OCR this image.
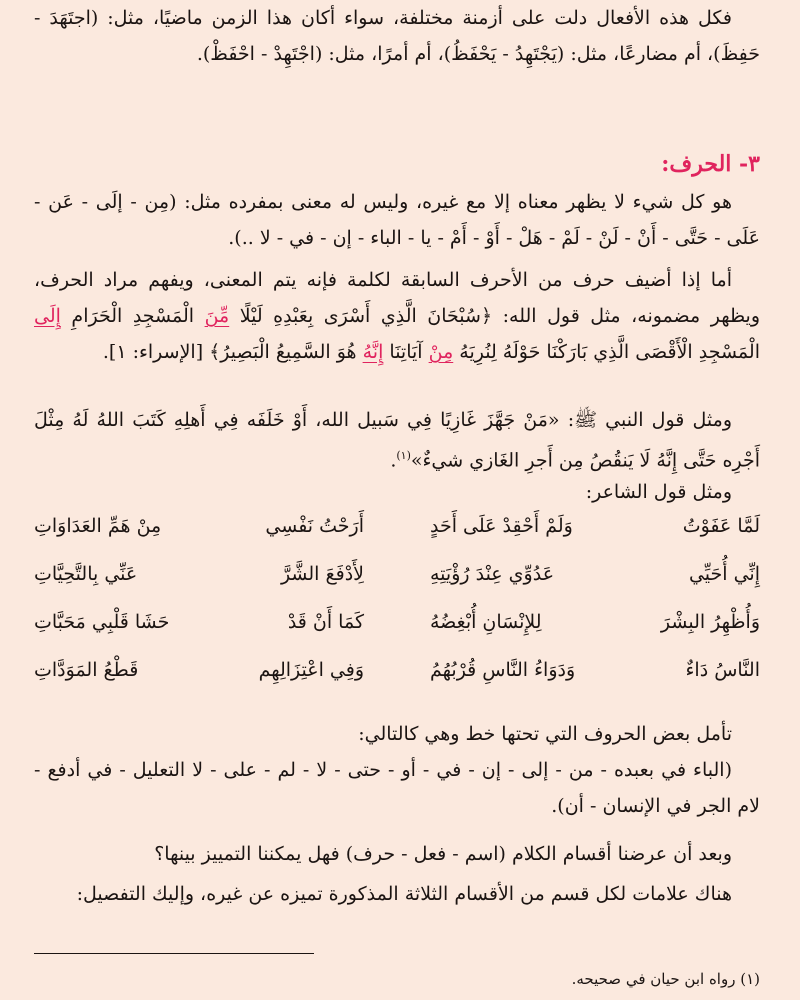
فكل هذه الأفعال دلت على أزمنة مختلفة، سواء أكان هذا الزمن ماضيًا، مثل: (اجتَهَدَ - حَفِظَ)، أم مضارعًا، مثل: (يَجْتَهِدُ - يَحْفَظُ)، أم أمرًا، مثل: (اجْتَهِدْ - احْفَظْ).

٣- الحرف:

هو كل شيء لا يظهر معناه إلا مع غيره، وليس له معنى بمفرده مثل: (مِن - إلَى - عَن - عَلَى - حَتَّى - أَنْ - لَنْ - لَمْ - هَلْ - أَوْ - أَمْ - يا - الباء - إن - في - لا ..).

أما إذا أضيف حرف من الأحرف السابقة لكلمة فإنه يتم المعنى، ويفهم مراد الحرف، ويظهر مضمونه، مثل قول الله: ﴿سُبْحَانَ الَّذِي أَسْرَى بِعَبْدِهِ لَيْلًا مِّنَ الْمَسْجِدِ الْحَرَامِ إِلَى الْمَسْجِدِ الْأَقْصَى الَّذِي بَارَكْنَا حَوْلَهُ لِنُرِيَهُ مِنْ آيَاتِنَا إِنَّهُ هُوَ السَّمِيعُ الْبَصِيرُ﴾ [الإسراء: ١].

ومثل قول النبي ﷺ: «مَنْ جَهَّزَ غَازِيًا فِي سَبيل الله، أَوْ خَلَفَه فِي أَهلِهِ كَتَبَ اللهُ لَهُ مِثْلَ أَجْرِه حَتَّى إِنَّهُ لَا يَنقُصُ مِن أَجرِ الغَازي شيءٌ»$^{(١)}$.

ومثل قول الشاعر:

لَمَّا عَفَوْتُ
وَلَمْ أَحْقِدْ عَلَى أَحَدٍ
أَرَحْتُ نَفْسِي
مِنْ هَمِّ العَدَاوَاتِ
إِنِّي أُحَيِّي
عَدُوِّي عِنْدَ رُؤْيَتِهِ
لِأَدْفَعَ الشَّرَّ
عَنِّي بِالتَّحِيَّاتِ
وَأُظْهِرُ البِشْرَ
لِلإِنْسَانِ أُبْغِضُهُ
كَمَا أَنْ قَدْ
حَشَا قَلْبِي مَحَبَّاتِ
النَّاسُ دَاءٌ
وَدَوَاءُ النَّاسِ قُرْبُهُمُ
وَفِي اعْتِزَالِهِم
قَطْعُ المَوَدَّاتِ

تأمل بعض الحروف التي تحتها خط وهي كالتالي:

(الباء في بعبده - من - إلى - إن - في - أو - حتى - لا - لم - على - لا التعليل - في أدفع - لام الجر في الإنسان - أن).

وبعد أن عرضنا أقسام الكلام (اسم - فعل - حرف) فهل يمكننا التمييز بينها؟

هناك علامات لكل قسم من الأقسام الثلاثة المذكورة تميزه عن غيره، وإليك التفصيل:

(١) رواه ابن حيان في صحيحه.
